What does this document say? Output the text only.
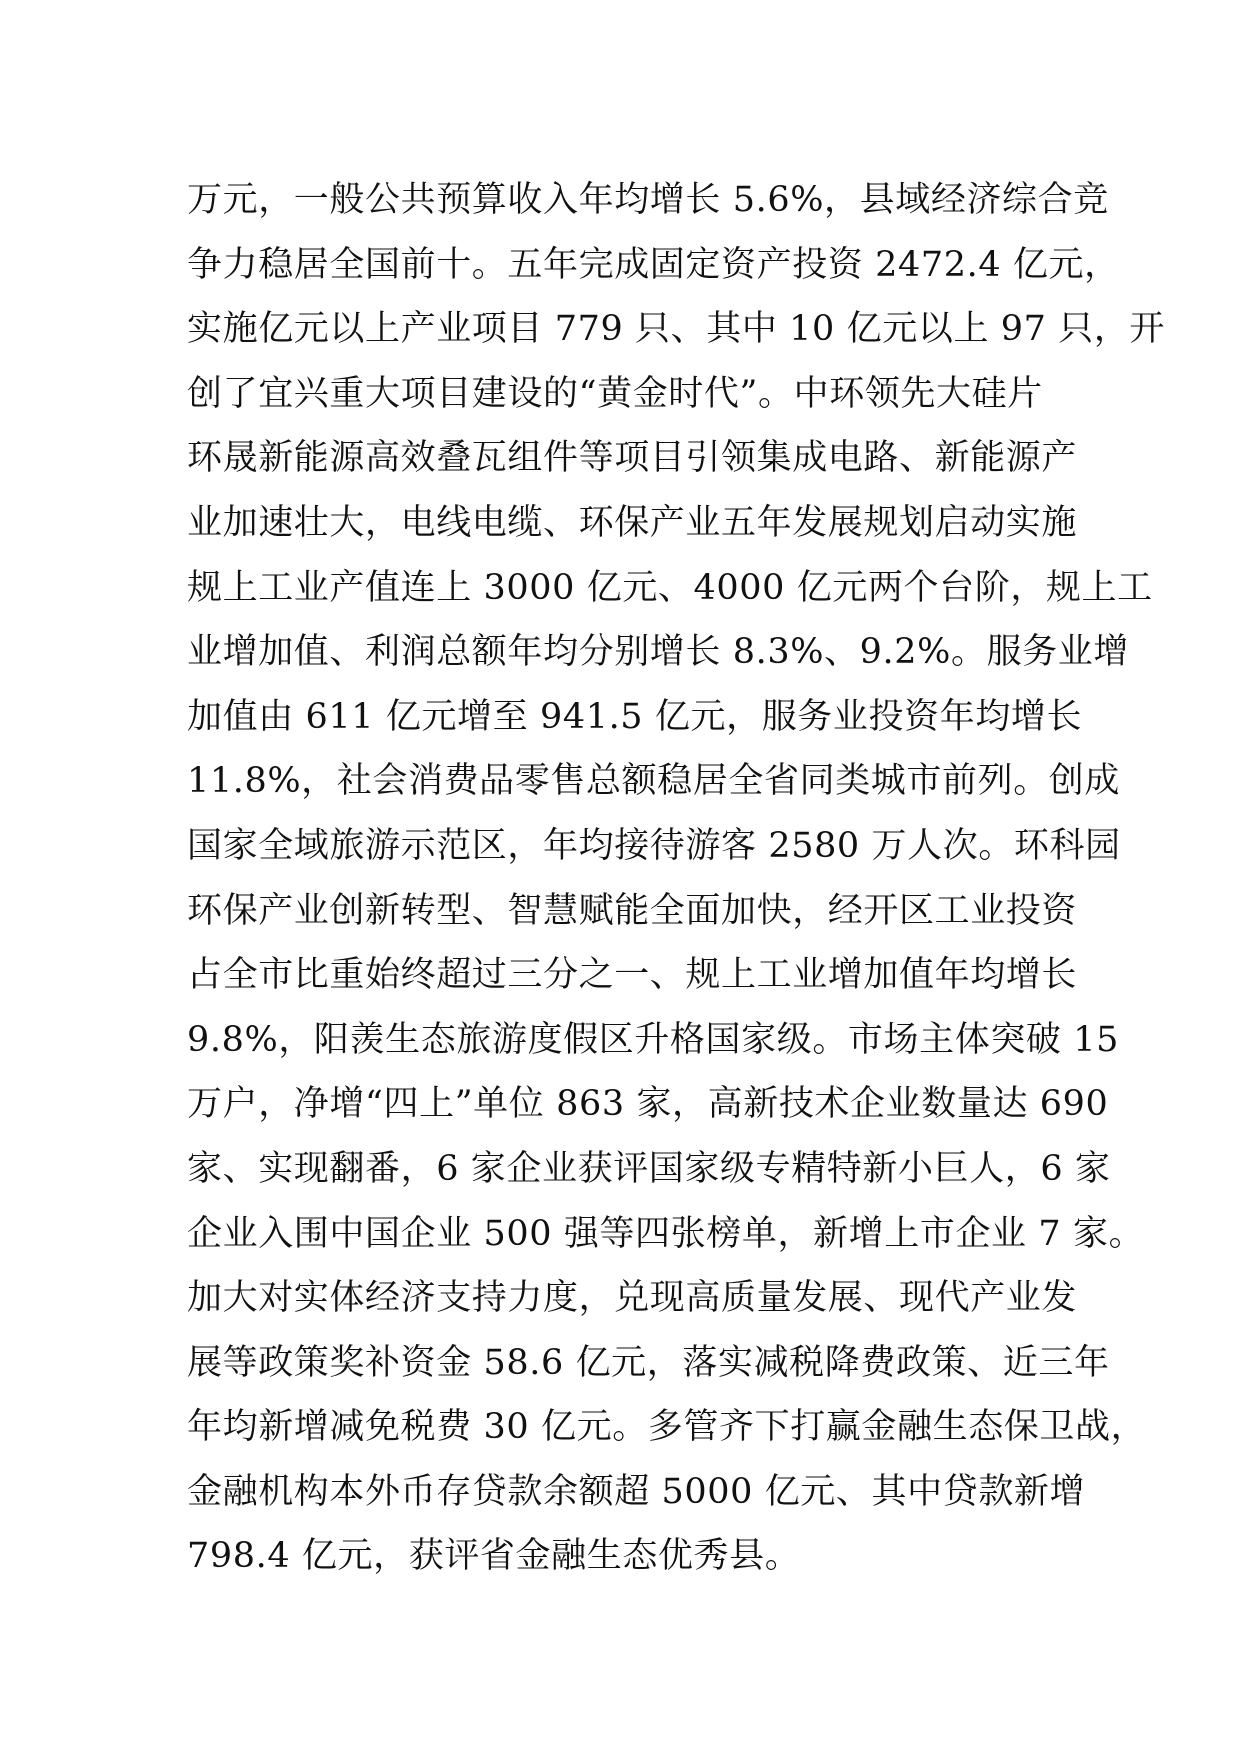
万元，一般公共预算收入年均增长 5.6%，县域经济综合竞
争力稳居全国前十。五年完成固定资产投资 2472.4 亿元，
实施亿元以上产业项目 779 只、其中 10 亿元以上 97 只，开
创了宜兴重大项目建设的“黄金时代”。中环领先大硅片
环晟新能源高效叠瓦组件等项目引领集成电路、新能源产
业加速壮大，电线电缆、环保产业五年发展规划启动实施
规上工业产值连上 3000 亿元、4000 亿元两个台阶，规上工
业增加值、利润总额年均分别增长 8.3%、9.2%。服务业增
加值由 611 亿元增至 941.5 亿元，服务业投资年均增长
11.8%，社会消费品零售总额稳居全省同类城市前列。创成
国家全域旅游示范区，年均接待游客 2580 万人次。环科园
环保产业创新转型、智慧赋能全面加快，经开区工业投资
占全市比重始终超过三分之一、规上工业增加值年均增长
9.8%，阳羡生态旅游度假区升格国家级。市场主体突破 15
万户，净增“四上”单位 863 家，高新技术企业数量达 690
家、实现翻番，6 家企业获评国家级专精特新小巨人，6 家
企业入围中国企业 500 强等四张榜单，新增上市企业 7 家。
加大对实体经济支持力度，兑现高质量发展、现代产业发
展等政策奖补资金 58.6 亿元，落实减税降费政策、近三年
年均新增减免税费 30 亿元。多管齐下打赢金融生态保卫战，
金融机构本外币存贷款余额超 5000 亿元、其中贷款新增
798.4 亿元，获评省金融生态优秀县。
